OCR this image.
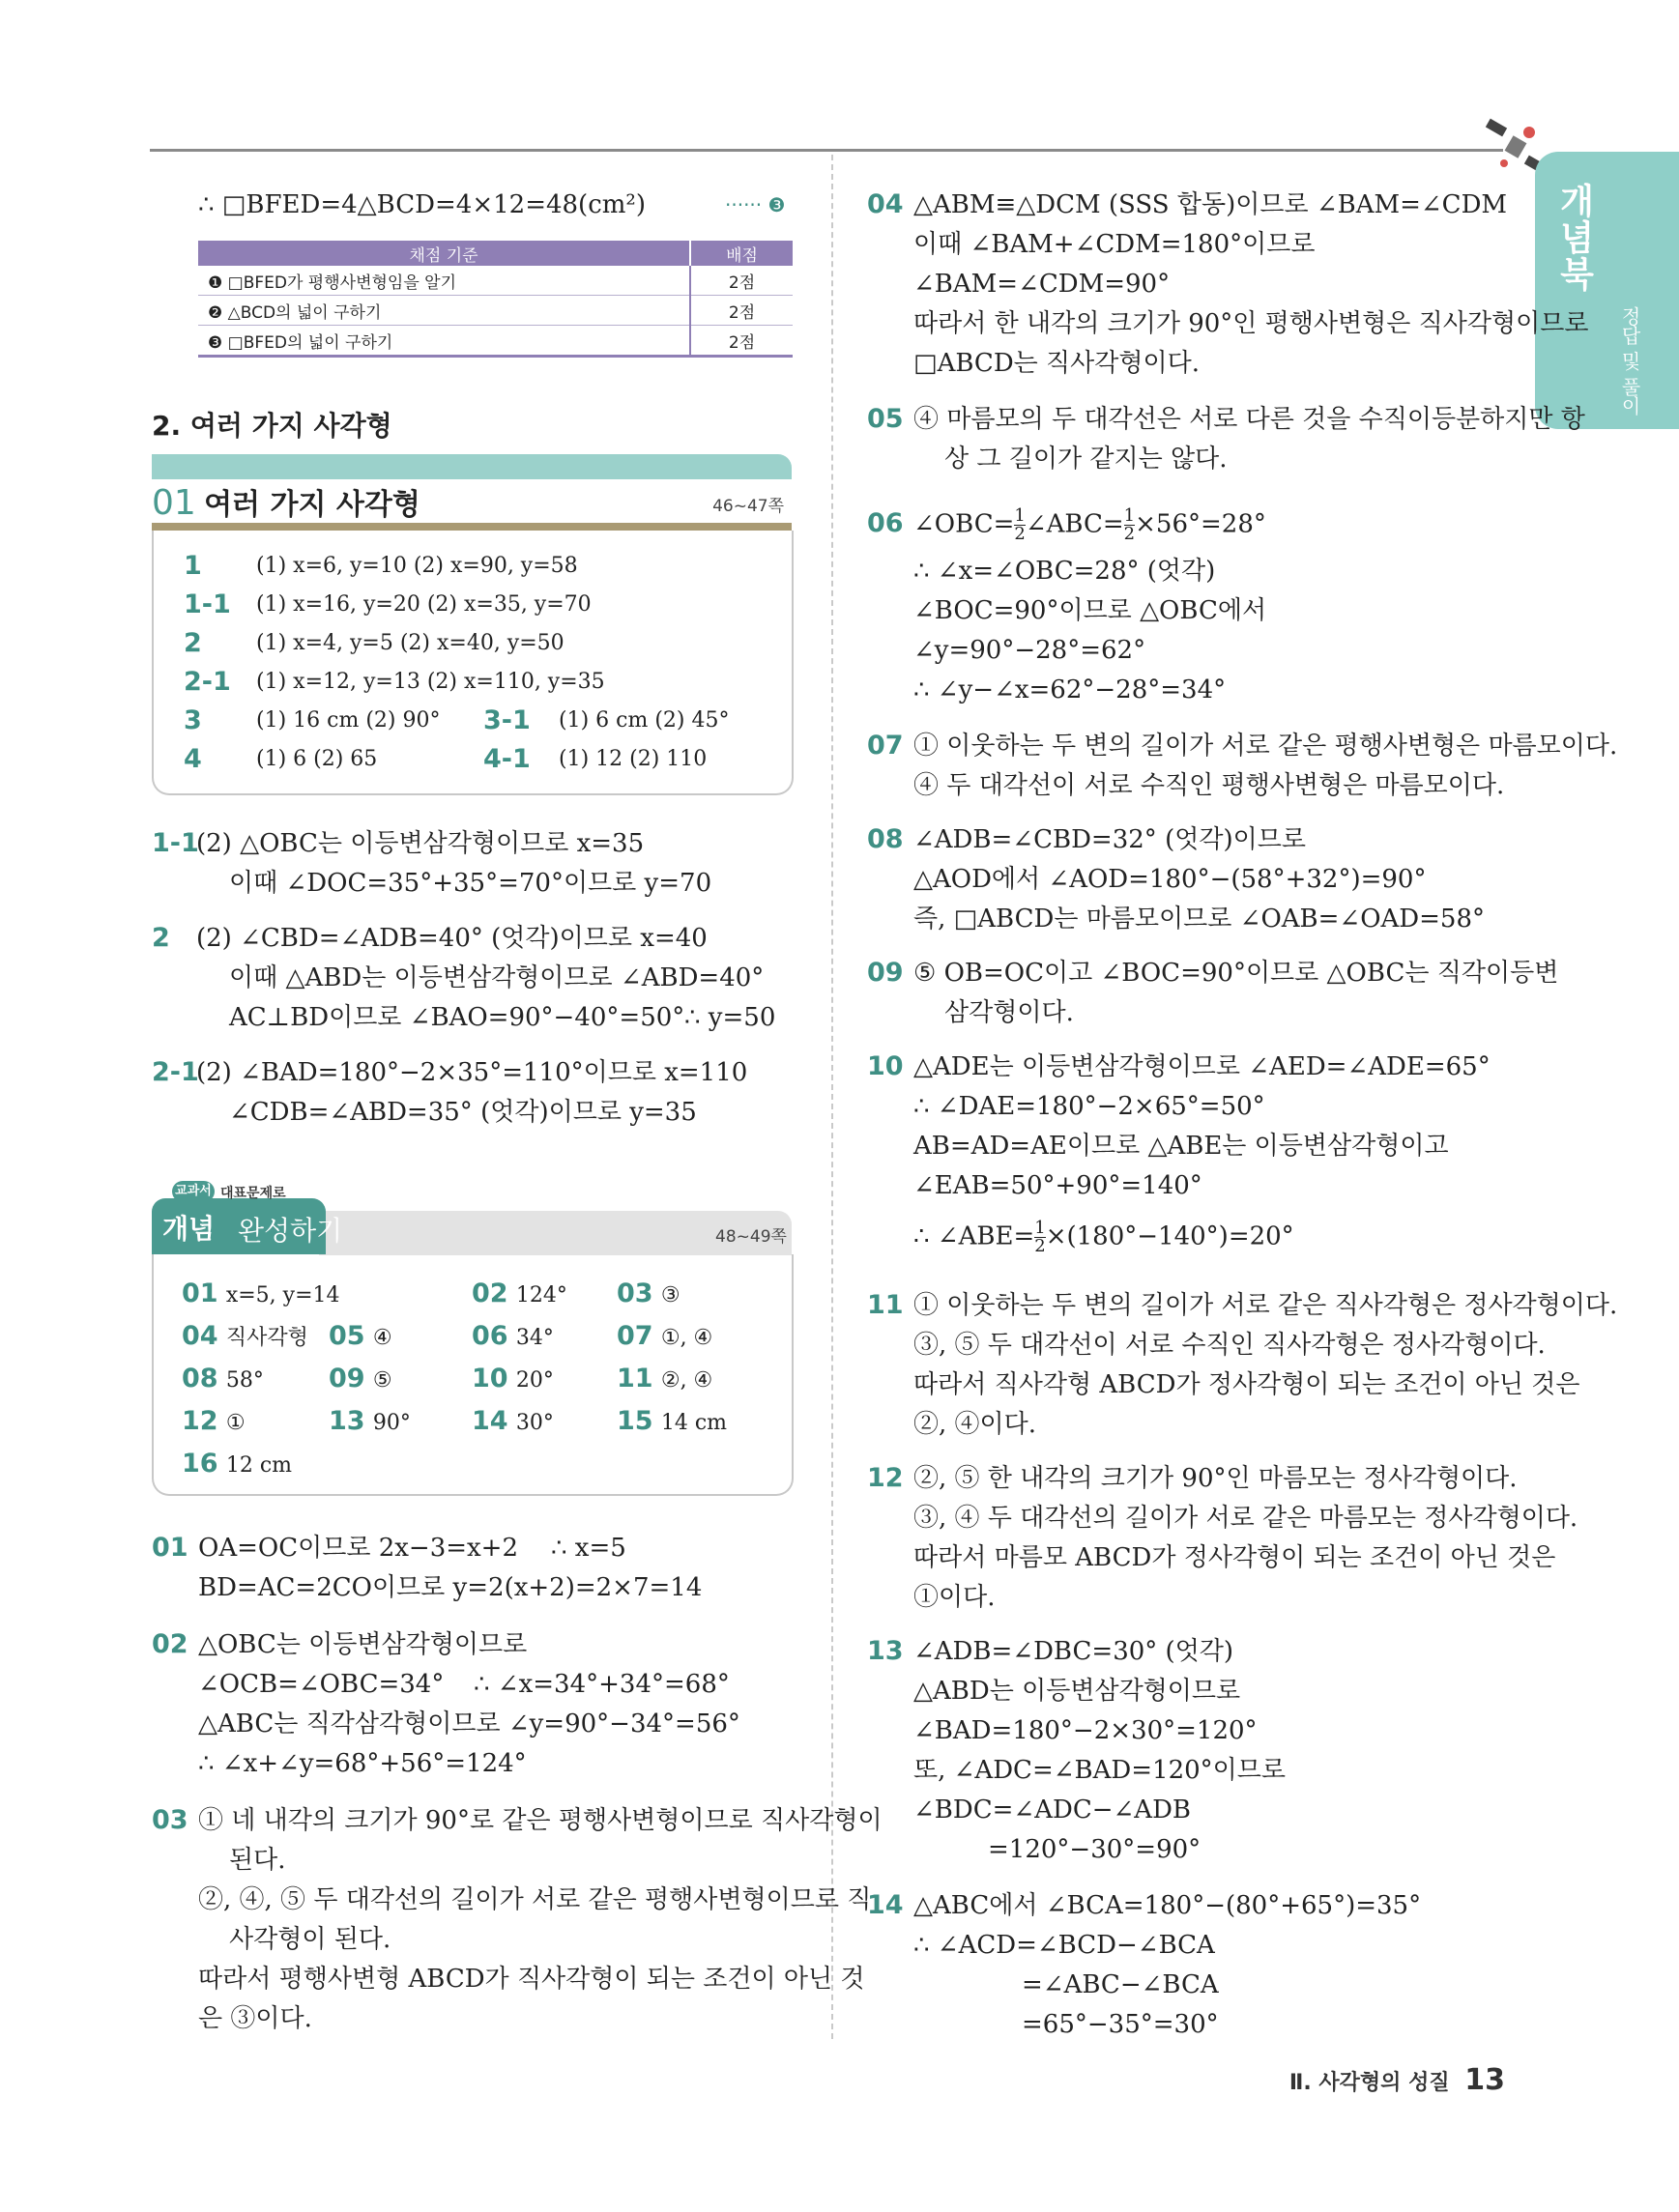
개념북
정답 및 풀이
∴ □BFED=4△BCD=4×12=48(cm²)	······ ❸
채점 기준	배점
❶ □BFED가 평행사변형임을 알기	2점
❷ △BCD의 넓이 구하기	2점
❸ □BFED의 넓이 구하기	2점
2. 여러 가지 사각형
01 여러 가지 사각형	46~47쪽
1	(1) x=6, y=10 (2) x=90, y=58
1-1 (1) x=16, y=20 (2) x=35, y=70
2	(1) x=4, y=5 (2) x=40, y=50
2-1 (1) x=12, y=13 (2) x=110, y=35
3	(1) 16 cm (2) 90° 3-1 (1) 6 cm (2) 45°
4	(1) 6 (2) 65	4-1 (1) 12 (2) 110
1-1
(2) △OBC는 이등변삼각형이므로 x=35
이때 ∠DOC=35°+35°=70°이므로 y=70
2 (2) ∠CBD=∠ADB=40° (엇각)이므로 x=40
이때 △ABD는 이등변삼각형이므로 ∠ABD=40°
AC⊥BD이므로 ∠BAO=90°−40°=50° ∴ y=50
2-1
(2) ∠BAD=180°−2×35°=110°이므로 x=110
∠CDB=∠ABD=35° (엇각)이므로 y=35
교과서 대표문제로
개념 완성하기	48~49쪽
01 x=5, y=14	02 124° 03 ③
04 직사각형 05 ④	06 34° 07 ①, ④
08 58° 09 ⑤	10 20° 11 ②, ④
12 ①	13 90° 14 30° 15 14 cm
16 12 cm
01 OA=OC이므로 2x−3=x+2 ∴ x=5
BD=AC=2CO이므로 y=2(x+2)=2×7=14
02 △OBC는 이등변삼각형이므로
∠OCB=∠OBC=34° ∴ ∠x=34°+34°=68°
△ABC는 직각삼각형이므로 ∠y=90°−34°=56°
∴ ∠x+∠y=68°+56°=124°
03 ① 네 내각의 크기가 90°로 같은 평행사변형이므로 직사각형이
된다.
②, ④, ⑤ 두 대각선의 길이가 서로 같은 평행사변형이므로 직
사각형이 된다.
따라서 평행사변형 ABCD가 직사각형이 되는 조건이 아닌 것
은 ③이다.
04 △ABM≡△DCM (SSS 합동)이므로 ∠BAM=∠CDM
이때 ∠BAM+∠CDM=180°이므로
∠BAM=∠CDM=90°
따라서 한 내각의 크기가 90°인 평행사변형은 직사각형이므로
□ABCD는 직사각형이다.
05 ④ 마름모의 두 대각선은 서로 다른 것을 수직이등분하지만 항
상 그 길이가 같지는 않다.
06 ∠OBC= $\frac{1}{2}$ ∠ABC= $\frac{1}{2} \times 56^\circ=28^\circ$
∴ ∠x=∠OBC=28° (엇각)
∠BOC=90°이므로 △OBC에서
∠y=90°−28°=62°
∴ ∠y−∠x=62°−28°=34°
07 ① 이웃하는 두 변의 길이가 서로 같은 평행사변형은 마름모이다.
④ 두 대각선이 서로 수직인 평행사변형은 마름모이다.
08 ∠ADB=∠CBD=32° (엇각)이므로
△AOD에서 ∠AOD=180°−(58°+32°)=90°
즉, □ABCD는 마름모이므로 ∠OAB=∠OAD=58°
09 ⑤ OB=OC이고 ∠BOC=90°이므로 △OBC는 직각이등변
삼각형이다.
10 △ADE는 이등변삼각형이므로 ∠AED=∠ADE=65°
∴ ∠DAE=180°−2×65°=50°
AB=AD=AE이므로 △ABE는 이등변삼각형이고
∠EAB=50°+90°=140°
∴ ∠ABE= $\frac{1}{2} \times(180^\circ-140^\circ)=20^\circ$
11 ① 이웃하는 두 변의 길이가 서로 같은 직사각형은 정사각형이다.
③, ⑤ 두 대각선이 서로 수직인 직사각형은 정사각형이다.
따라서 직사각형 ABCD가 정사각형이 되는 조건이 아닌 것은
②, ④이다.
12 ②, ⑤ 한 내각의 크기가 90°인 마름모는 정사각형이다.
③, ④ 두 대각선의 길이가 서로 같은 마름모는 정사각형이다.
따라서 마름모 ABCD가 정사각형이 되는 조건이 아닌 것은
①이다.
13 ∠ADB=∠DBC=30° (엇각)
△ABD는 이등변삼각형이므로
∠BAD=180°−2×30°=120°
또, ∠ADC=∠BAD=120°이므로
∠BDC=∠ADC−∠ADB
=120°−30°=90°
14 △ABC에서 ∠BCA=180°−(80°+65°)=35°
∴ ∠ACD=∠BCD−∠BCA
=∠ABC−∠BCA
=65°−35°=30°
Ⅱ. 사각형의 성질 13
